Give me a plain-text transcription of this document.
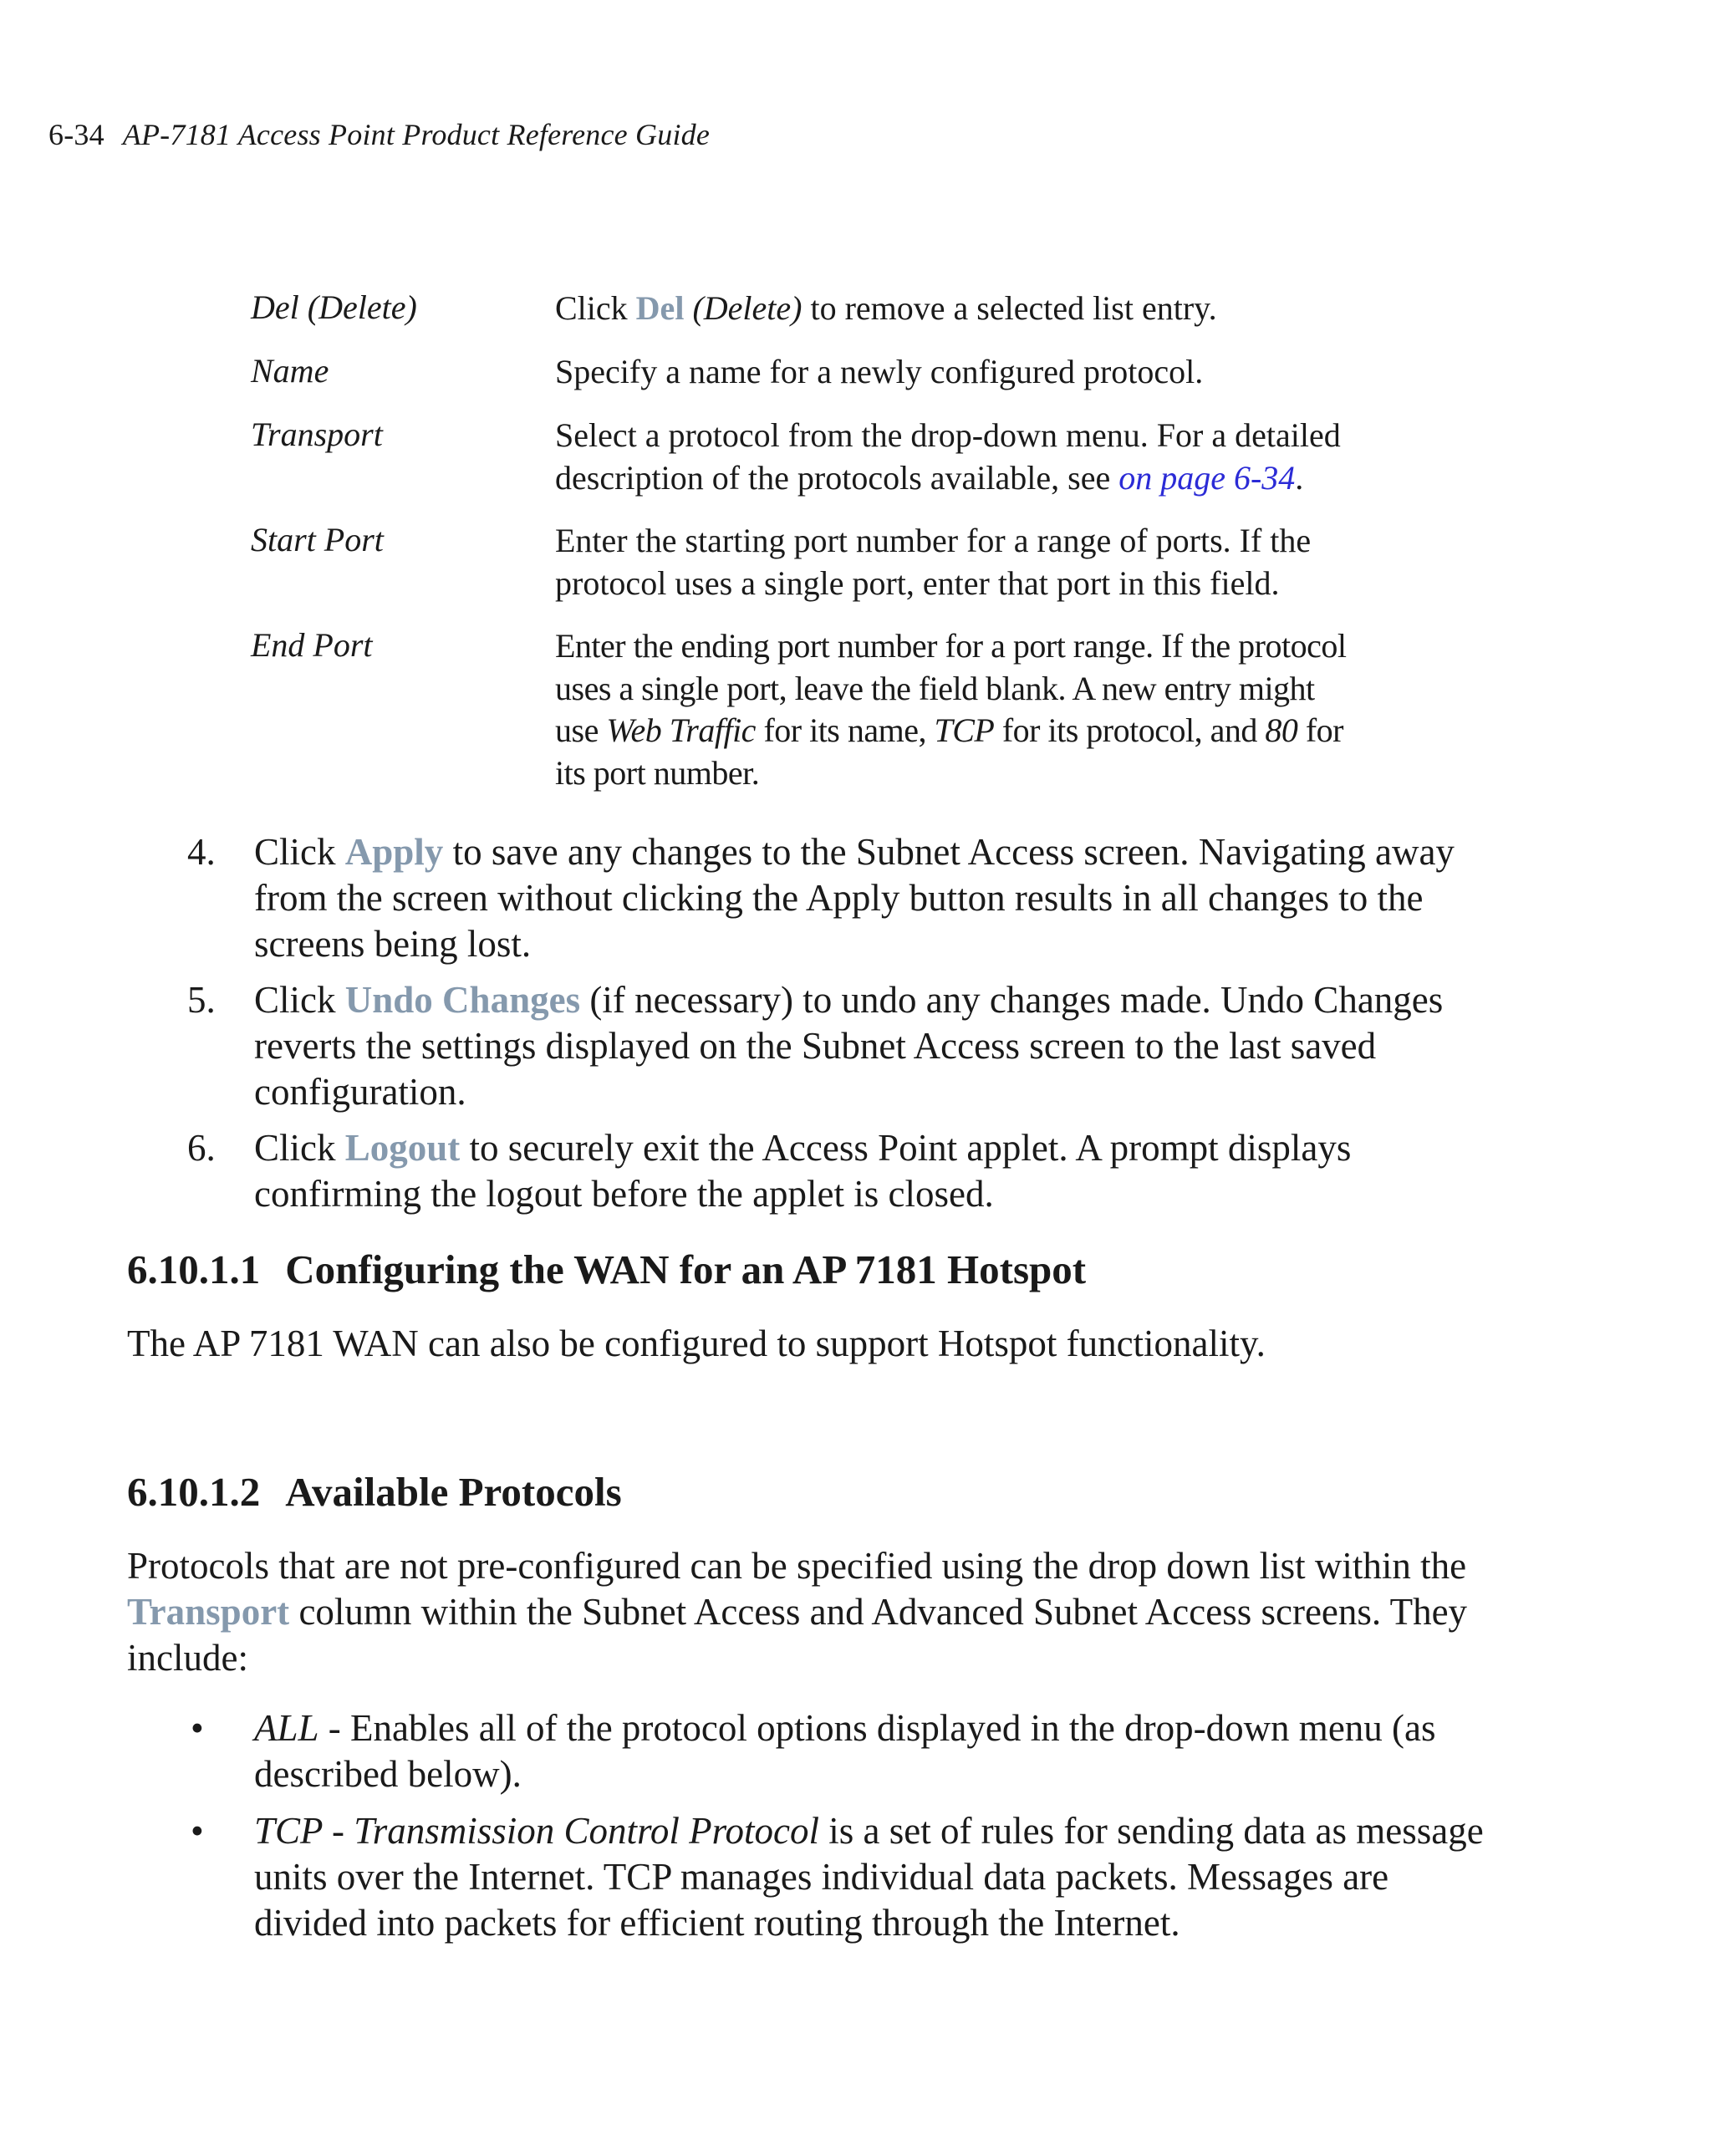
6-34 AP-7181 Access Point Product Reference Guide
Del (Delete)	Click Del (Delete) to remove a selected list entry.
Name	Specify a name for a newly configured protocol.
Transport	Select a protocol from the drop-down menu. For a detailed
description of the protocols available, see on page 6-34.
Start Port	Enter the starting port number for a range of ports. If the
protocol uses a single port, enter that port in this field.
End Port	Enter the ending port number for a port range. If the protocol
uses a single port, leave the field blank. A new entry might
use Web Traffic for its name, TCP for its protocol, and 80 for
its port number.
4. Click Apply to save any changes to the Subnet Access screen. Navigating away
from the screen without clicking the Apply button results in all changes to the
screens being lost.
5. Click Undo Changes (if necessary) to undo any changes made. Undo Changes
reverts the settings displayed on the Subnet Access screen to the last saved
configuration.
6. Click Logout to securely exit the Access Point applet. A prompt displays
confirming the logout before the applet is closed.
6.10.1.1 Configuring the WAN for an AP 7181 Hotspot
The AP 7181 WAN can also be configured to support Hotspot functionality.
6.10.1.2 Available Protocols
Protocols that are not pre-configured can be specified using the drop down list within the
Transport column within the Subnet Access and Advanced Subnet Access screens. They
include:
• ALL - Enables all of the protocol options displayed in the drop-down menu (as
described below).
• TCP - Transmission Control Protocol is a set of rules for sending data as message
units over the Internet. TCP manages individual data packets. Messages are
divided into packets for efficient routing through the Internet.
